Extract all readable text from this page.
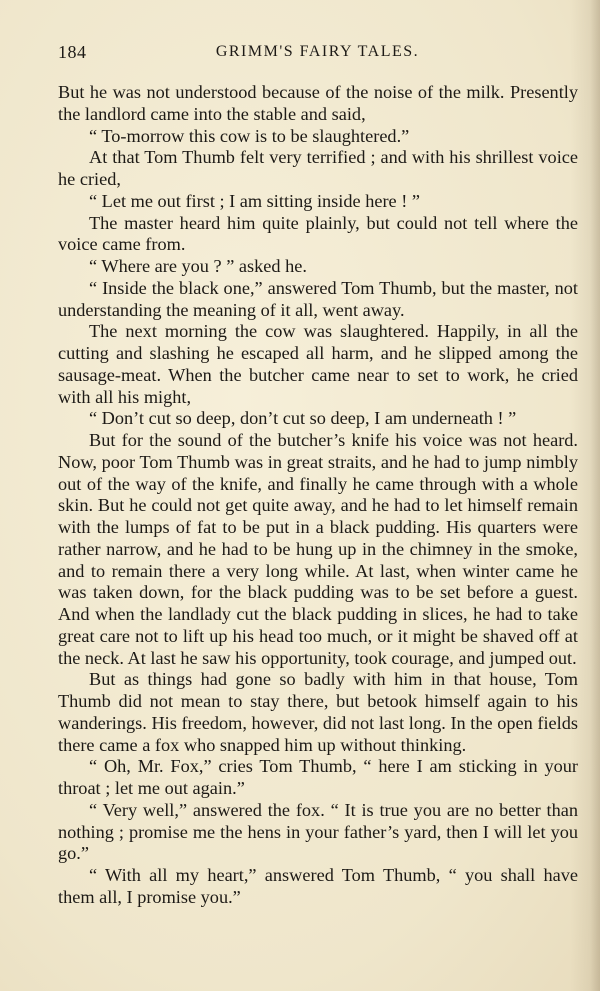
184	GRIMM'S FAIRY TALES.

But he was not understood because of the noise of the milk. Presently the landlord came into the stable and said,

“ To-morrow this cow is to be slaughtered.”

At that Tom Thumb felt very terrified ; and with his shrillest voice he cried,

“ Let me out first ; I am sitting inside here ! ”

The master heard him quite plainly, but could not tell where the voice came from.

“ Where are you ? ” asked he.

“ Inside the black one,” answered Tom Thumb, but the master, not understanding the meaning of it all, went away.

The next morning the cow was slaughtered. Happily, in all the cutting and slashing he escaped all harm, and he slipped among the sausage-meat. When the butcher came near to set to work, he cried with all his might,

“ Don’t cut so deep, don’t cut so deep, I am underneath ! ”

But for the sound of the butcher’s knife his voice was not heard. Now, poor Tom Thumb was in great straits, and he had to jump nimbly out of the way of the knife, and finally he came through with a whole skin. But he could not get quite away, and he had to let himself remain with the lumps of fat to be put in a black pudding. His quarters were rather narrow, and he had to be hung up in the chimney in the smoke, and to remain there a very long while. At last, when winter came he was taken down, for the black pudding was to be set before a guest. And when the landlady cut the black pudding in slices, he had to take great care not to lift up his head too much, or it might be shaved off at the neck. At last he saw his opportunity, took courage, and jumped out.

But as things had gone so badly with him in that house, Tom Thumb did not mean to stay there, but betook himself again to his wanderings. His freedom, however, did not last long. In the open fields there came a fox who snapped him up without thinking.

“ Oh, Mr. Fox,” cries Tom Thumb, “ here I am sticking in your throat ; let me out again.”

“ Very well,” answered the fox. “ It is true you are no better than nothing ; promise me the hens in your father’s yard, then I will let you go.”

“ With all my heart,” answered Tom Thumb, “ you shall have them all, I promise you.”
